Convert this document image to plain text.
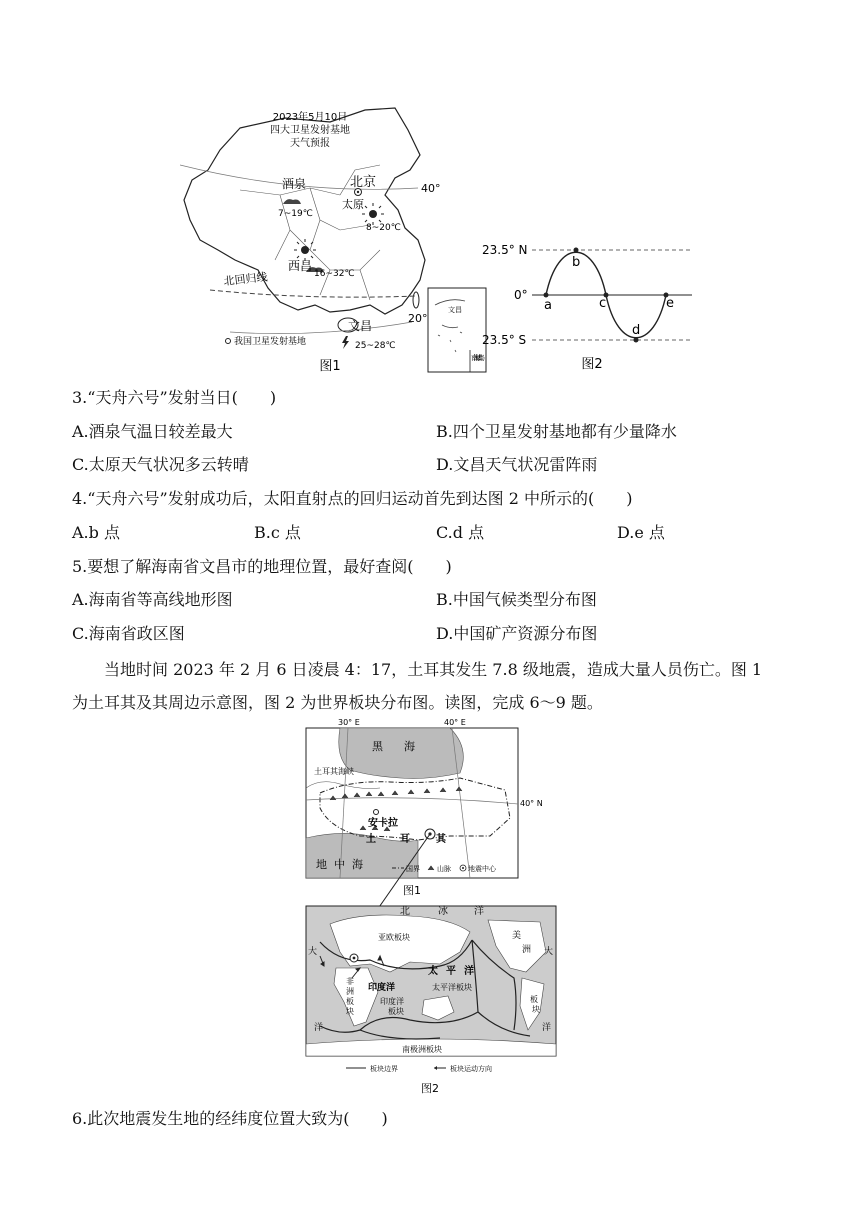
2023年5月10日
四大卫星发射基地
天气预报
40°
20°
北回归线
酒泉
7~19℃
北京
太原
8~20℃
西昌
16~32℃
文昌
25~28℃
我国卫星发射基地
图1
文昌
南海诸岛
23.5° N
0°
23.5° S
a
b
c
d
e
图2
3.“天舟六号”发射当日(　　)
A.酒泉气温日较差最大	B.四个卫星发射基地都有少量降水
C.太原天气状况多云转晴	D.文昌天气状况雷阵雨
4.“天舟六号”发射成功后，太阳直射点的回归运动首先到达图 2 中所示的(　　)
A.b 点	B.c 点	C.d 点	D.e 点
5.要想了解海南省文昌市的地理位置，最好查阅(　　)
A.海南省等高线地形图	B.中国气候类型分布图
C.海南省政区图	D.中国矿产资源分布图
当地时间 2023 年 2 月 6 日凌晨 4：17，土耳其发生 7.8 级地震，造成大量人员伤亡。图 1
为土耳其及其周边示意图，图 2 为世界板块分布图。读图，完成 6～9 题。
30° E	40° E
40° N
黑 海
土耳其海峡
安卡拉
土 耳	其
地 中 海	国界 山脉 地震中心
图1
北	冰	洋
亚欧板块	美
洲
太 平 洋
太平洋板块
非
洲
板
块
印度洋
印度洋
板块
南极洲板块
板
块
大
洋
大
洋
板块边界	板块运动方向
图2
6.此次地震发生地的经纬度位置大致为(　　)
